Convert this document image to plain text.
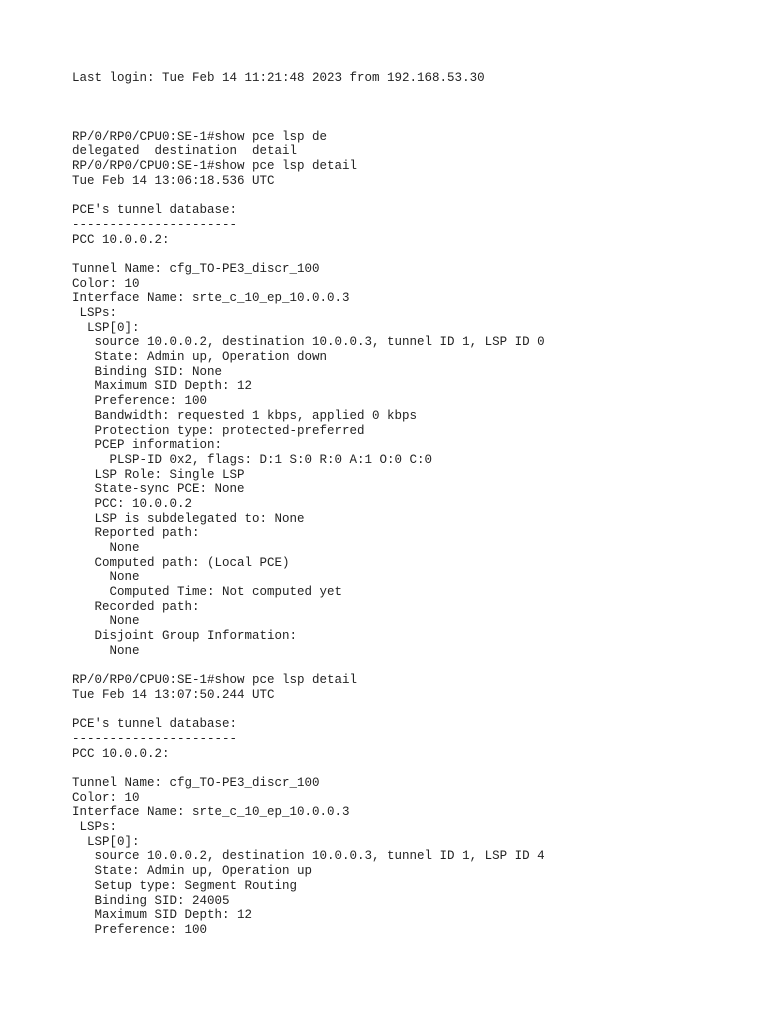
Last login: Tue Feb 14 11:21:48 2023 from 192.168.53.30
RP/0/RP0/CPU0:SE-1#show pce lsp de
delegated  destination  detail
RP/0/RP0/CPU0:SE-1#show pce lsp detail
Tue Feb 14 13:06:18.536 UTC
PCE's tunnel database:
----------------------
PCC 10.0.0.2:
Tunnel Name: cfg_TO-PE3_discr_100
Color: 10
Interface Name: srte_c_10_ep_10.0.0.3
LSPs:
LSP[0]:
source 10.0.0.2, destination 10.0.0.3, tunnel ID 1, LSP ID 0
State: Admin up, Operation down
Binding SID: None
Maximum SID Depth: 12
Preference: 100
Bandwidth: requested 1 kbps, applied 0 kbps
Protection type: protected-preferred
PCEP information:
PLSP-ID 0x2, flags: D:1 S:0 R:0 A:1 O:0 C:0
LSP Role: Single LSP
State-sync PCE: None
PCC: 10.0.0.2
LSP is subdelegated to: None
Reported path:
None
Computed path: (Local PCE)
None
Computed Time: Not computed yet
Recorded path:
None
Disjoint Group Information:
None
RP/0/RP0/CPU0:SE-1#show pce lsp detail
Tue Feb 14 13:07:50.244 UTC
PCE's tunnel database:
----------------------
PCC 10.0.0.2:
Tunnel Name: cfg_TO-PE3_discr_100
Color: 10
Interface Name: srte_c_10_ep_10.0.0.3
LSPs:
LSP[0]:
source 10.0.0.2, destination 10.0.0.3, tunnel ID 1, LSP ID 4
State: Admin up, Operation up
Setup type: Segment Routing
Binding SID: 24005
Maximum SID Depth: 12
Preference: 100
